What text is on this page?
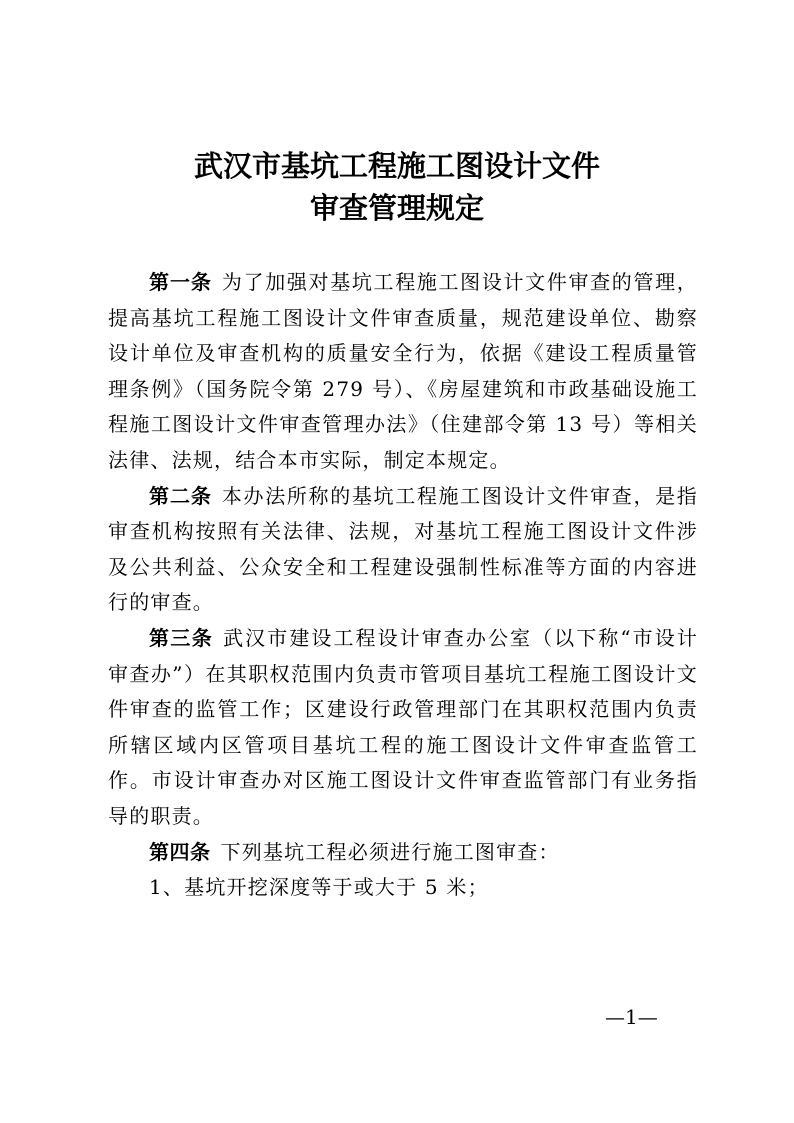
武汉市基坑工程施工图设计文件
审查管理规定

第一条 为了加强对基坑工程施工图设计文件审查的管理，提高基坑工程施工图设计文件审查质量，规范建设单位、勘察设计单位及审查机构的质量安全行为，依据《建设工程质量管理条例》（国务院令第 279 号）、《房屋建筑和市政基础设施工程施工图设计文件审查管理办法》（住建部令第 13 号）等相关法律、法规，结合本市实际，制定本规定。

第二条 本办法所称的基坑工程施工图设计文件审查，是指审查机构按照有关法律、法规，对基坑工程施工图设计文件涉及公共利益、公众安全和工程建设强制性标准等方面的内容进行的审查。

第三条 武汉市建设工程设计审查办公室（以下称“市设计审查办”）在其职权范围内负责市管项目基坑工程施工图设计文件审查的监管工作；区建设行政管理部门在其职权范围内负责所辖区域内区管项目基坑工程的施工图设计文件审查监管工作。市设计审查办对区施工图设计文件审查监管部门有业务指导的职责。

第四条 下列基坑工程必须进行施工图审查：

1、基坑开挖深度等于或大于 5 米；

—1—
